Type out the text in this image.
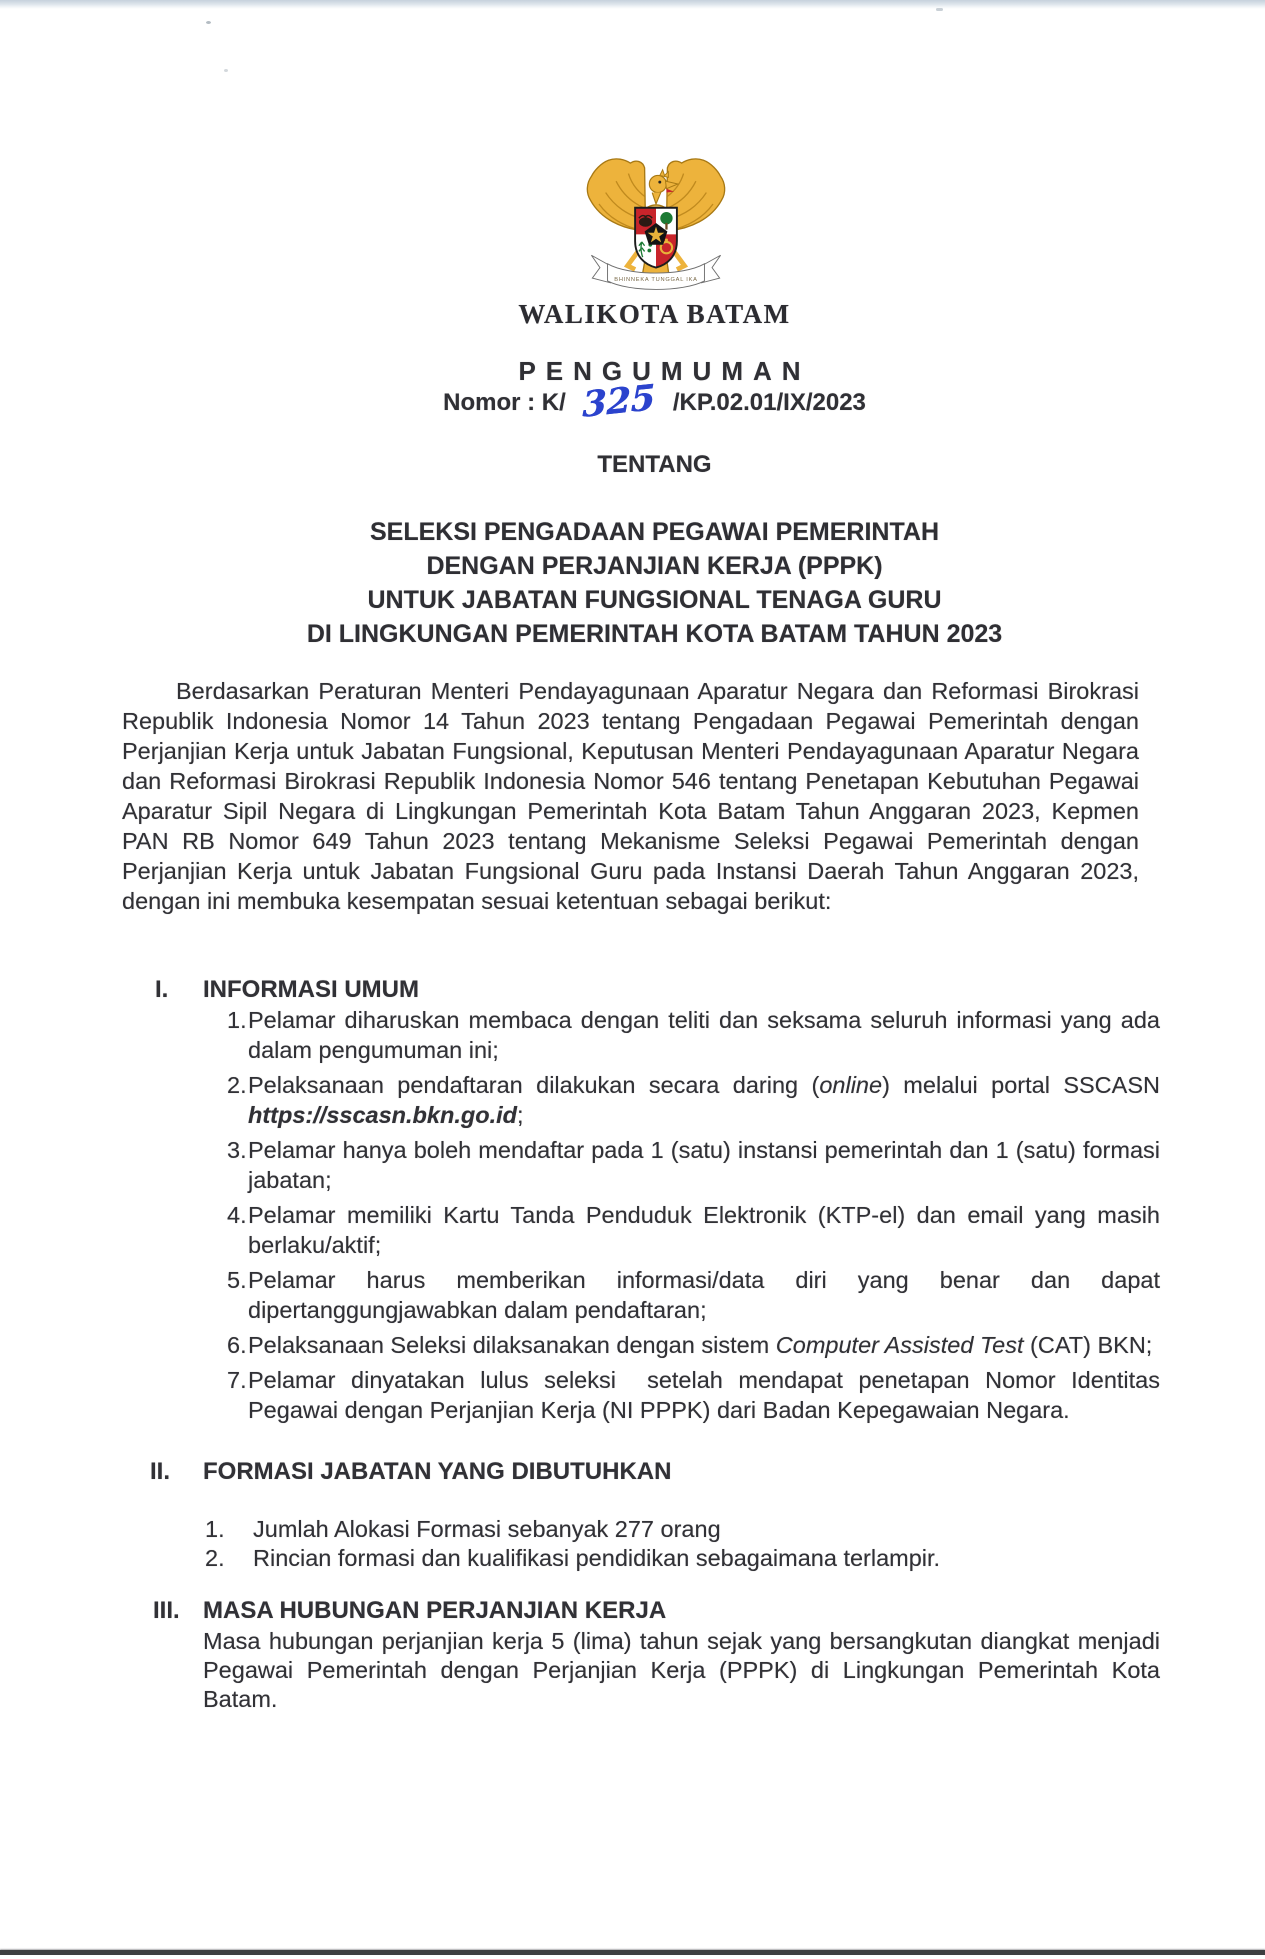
BHINNEKA TUNGGAL IKA
WALIKOTA BATAM
PENGUMUMAN
Nomor : K/ 325 /KP.02.01/IX/2023
TENTANG
SELEKSI PENGADAAN PEGAWAI PEMERINTAH
DENGAN PERJANJIAN KERJA (PPPK)
UNTUK JABATAN FUNGSIONAL TENAGA GURU
DI LINGKUNGAN PEMERINTAH KOTA BATAM TAHUN 2023

Berdasarkan Peraturan Menteri Pendayagunaan Aparatur Negara dan Reformasi Birokrasi Republik Indonesia Nomor 14 Tahun 2023 tentang Pengadaan Pegawai Pemerintah dengan Perjanjian Kerja untuk Jabatan Fungsional, Keputusan Menteri Pendayagunaan Aparatur Negara dan Reformasi Birokrasi Republik Indonesia Nomor 546 tentang Penetapan Kebutuhan Pegawai Aparatur Sipil Negara di Lingkungan Pemerintah Kota Batam Tahun Anggaran 2023, Kepmen PAN RB Nomor 649 Tahun 2023 tentang Mekanisme Seleksi Pegawai Pemerintah dengan Perjanjian Kerja untuk Jabatan Fungsional Guru pada Instansi Daerah Tahun Anggaran 2023, dengan ini membuka kesempatan sesuai ketentuan sebagai berikut:

I. INFORMASI UMUM
1. Pelamar diharuskan membaca dengan teliti dan seksama seluruh informasi yang ada dalam pengumuman ini;
2. Pelaksanaan pendaftaran dilakukan secara daring (online) melalui portal SSCASN https://sscasn.bkn.go.id;
3. Pelamar hanya boleh mendaftar pada 1 (satu) instansi pemerintah dan 1 (satu) formasi jabatan;
4. Pelamar memiliki Kartu Tanda Penduduk Elektronik (KTP-el) dan email yang masih berlaku/aktif;
5. Pelamar harus memberikan informasi/data diri yang benar dan dapat dipertanggungjawabkan dalam pendaftaran;
6. Pelaksanaan Seleksi dilaksanakan dengan sistem Computer Assisted Test (CAT) BKN;
7. Pelamar dinyatakan lulus seleksi  setelah mendapat penetapan Nomor Identitas Pegawai dengan Perjanjian Kerja (NI PPPK) dari Badan Kepegawaian Negara.
II. FORMASI JABATAN YANG DIBUTUHKAN
1. Jumlah Alokasi Formasi sebanyak 277 orang
2. Rincian formasi dan kualifikasi pendidikan sebagaimana terlampir.
III. MASA HUBUNGAN PERJANJIAN KERJA

Masa hubungan perjanjian kerja 5 (lima) tahun sejak yang bersangkutan diangkat menjadi Pegawai Pemerintah dengan Perjanjian Kerja (PPPK) di Lingkungan Pemerintah Kota Batam.
